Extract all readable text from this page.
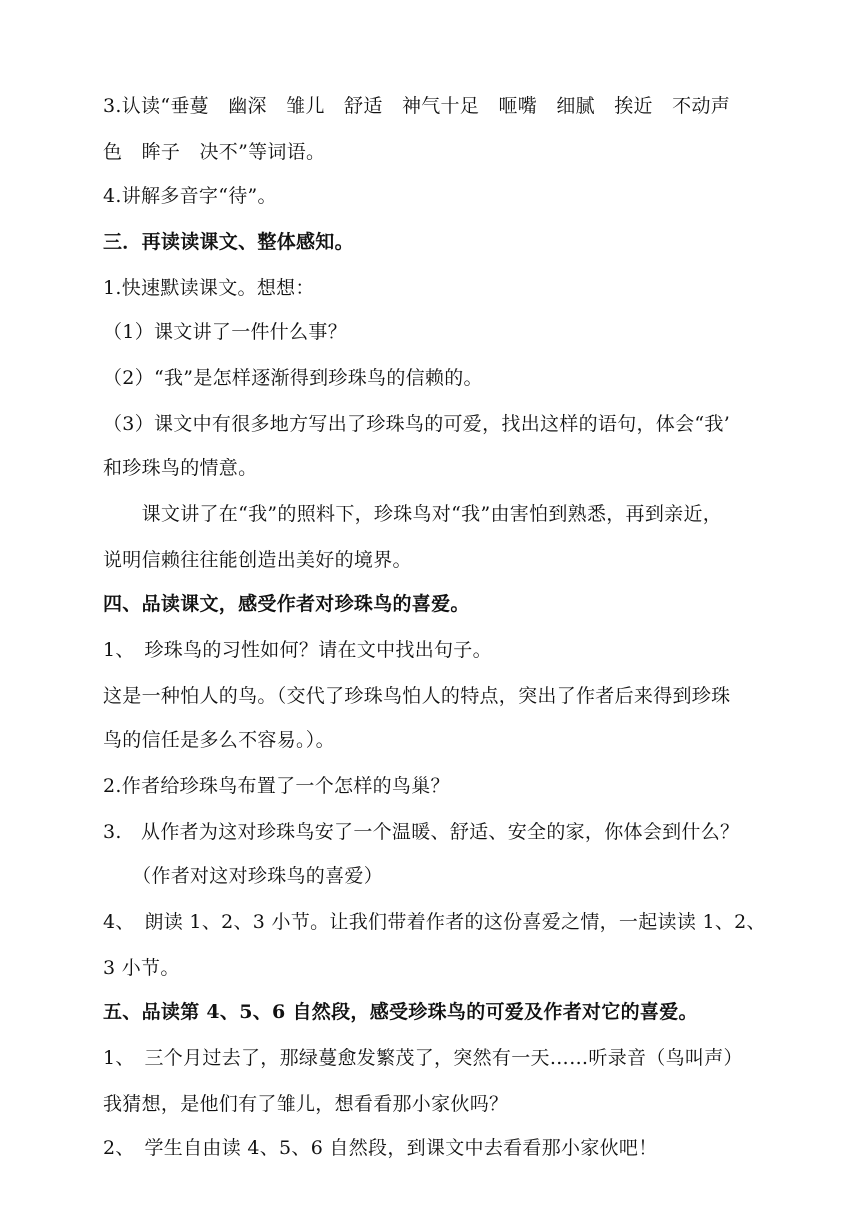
3.认读“垂蔓　幽深　雏儿　舒适　神气十足　咂嘴　细腻　挨近　不动声
色　眸子　决不”等词语。
4.讲解多音字“待”。
三．再读读课文、整体感知。
1.快速默读课文。想想：
（1）课文讲了一件什么事？
（2）“我”是怎样逐渐得到珍珠鸟的信赖的。
（3）课文中有很多地方写出了珍珠鸟的可爱，找出这样的语句，体会“我’
和珍珠鸟的情意。
　　课文讲了在“我”的照料下，珍珠鸟对“我”由害怕到熟悉，再到亲近，
说明信赖往往能创造出美好的境界。
四、品读课文，感受作者对珍珠鸟的喜爱。
1、　珍珠鸟的习性如何？请在文中找出句子。
这是一种怕人的鸟。（交代了珍珠鸟怕人的特点，突出了作者后来得到珍珠
鸟的信任是多么不容易。）。
2.作者给珍珠鸟布置了一个怎样的鸟巢？
3.　从作者为这对珍珠鸟安了一个温暖、舒适、安全的家，你体会到什么？
　　（作者对这对珍珠鸟的喜爱）
4、　朗读 1、2、3 小节。让我们带着作者的这份喜爱之情，一起读读 1、2、
3 小节。
五、品读第 4、5、6 自然段，感受珍珠鸟的可爱及作者对它的喜爱。
1、　三个月过去了，那绿蔓愈发繁茂了，突然有一天……听录音（鸟叫声）
我猜想，是他们有了雏儿，想看看那小家伙吗？
2、　学生自由读 4、5、6 自然段，到课文中去看看那小家伙吧！
